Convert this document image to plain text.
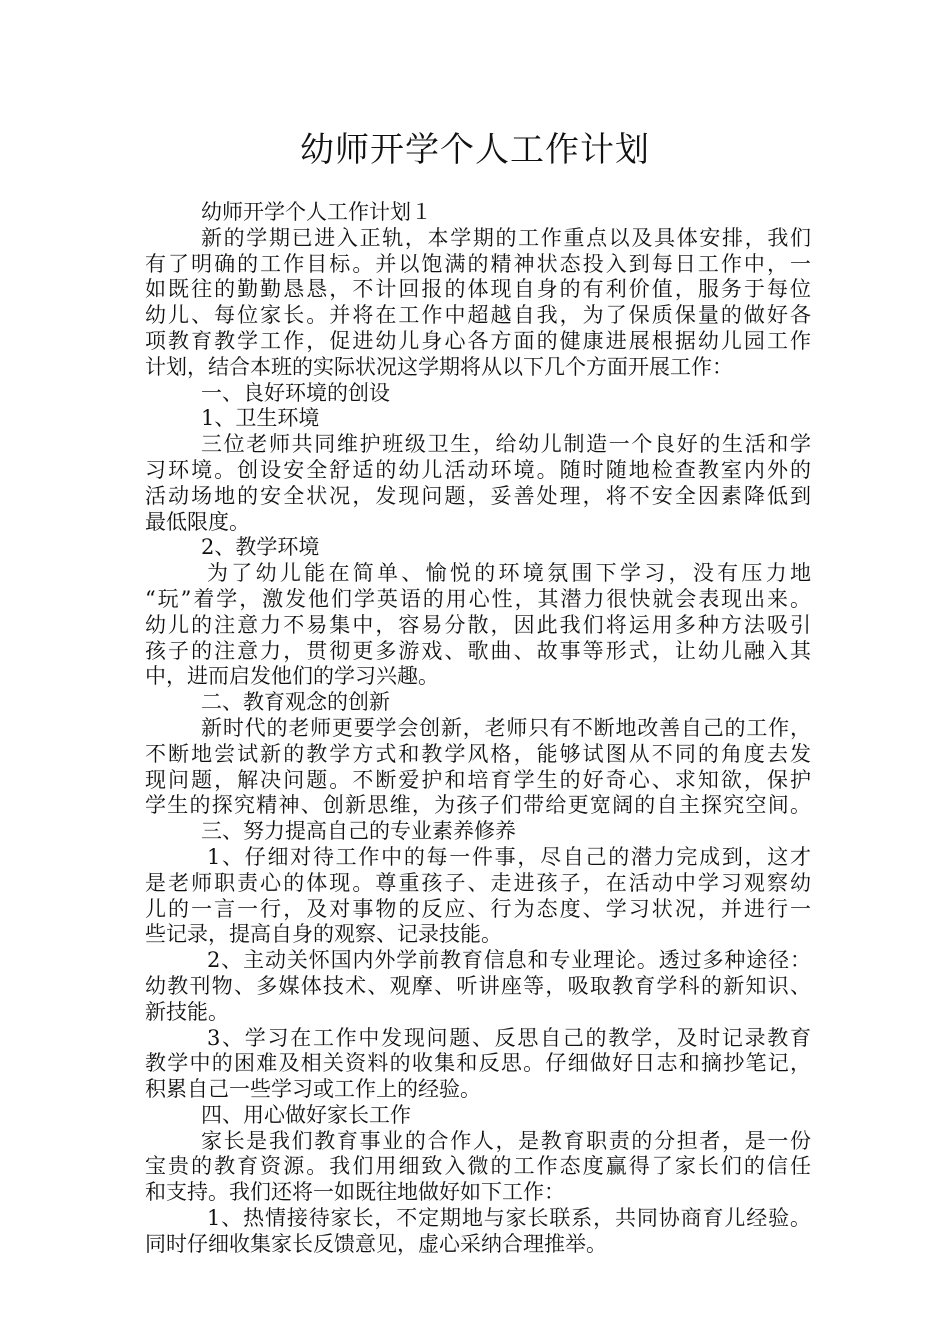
幼师开学个人工作计划
幼师开学个人工作计划１
新的学期已进入正轨，本学期的工作重点以及具体安排，我们
有了明确的工作目标。并以饱满的精神状态投入到每日工作中，一
如既往的勤勤恳恳，不计回报的体现自身的有利价值，服务于每位
幼儿、每位家长。并将在工作中超越自我，为了保质保量的做好各
项教育教学工作，促进幼儿身心各方面的健康进展根据幼儿园工作
计划，结合本班的实际状况这学期将从以下几个方面开展工作：
一、良好环境的创设
1、卫生环境
三位老师共同维护班级卫生，给幼儿制造一个良好的生活和学
习环境。创设安全舒适的幼儿活动环境。随时随地检查教室内外的
活动场地的安全状况，发现问题，妥善处理，将不安全因素降低到
最低限度。
2、教学环境
为了幼儿能在简单、愉悦的环境氛围下学习，没有压力地
“玩”着学，激发他们学英语的用心性，其潜力很快就会表现出来。
幼儿的注意力不易集中，容易分散，因此我们将运用多种方法吸引
孩子的注意力，贯彻更多游戏、歌曲、故事等形式，让幼儿融入其
中，进而启发他们的学习兴趣。
二、教育观念的创新
新时代的老师更要学会创新，老师只有不断地改善自己的工作，
不断地尝试新的教学方式和教学风格，能够试图从不同的角度去发
现问题，解决问题。不断爱护和培育学生的好奇心、求知欲，保护
学生的探究精神、创新思维，为孩子们带给更宽阔的自主探究空间。
三、努力提高自己的专业素养修养
1、仔细对待工作中的每一件事，尽自己的潜力完成到，这才
是老师职责心的体现。尊重孩子、走进孩子，在活动中学习观察幼
儿的一言一行，及对事物的反应、行为态度、学习状况，并进行一
些记录，提高自身的观察、记录技能。
2、主动关怀国内外学前教育信息和专业理论。透过多种途径：
幼教刊物、多媒体技术、观摩、听讲座等，吸取教育学科的新知识、
新技能。
3、学习在工作中发现问题、反思自己的教学，及时记录教育
教学中的困难及相关资料的收集和反思。仔细做好日志和摘抄笔记，
积累自己一些学习或工作上的经验。
四、用心做好家长工作
家长是我们教育事业的合作人，是教育职责的分担者，是一份
宝贵的教育资源。我们用细致入微的工作态度赢得了家长们的信任
和支持。我们还将一如既往地做好如下工作：
1、热情接待家长，不定期地与家长联系，共同协商育儿经验。
同时仔细收集家长反馈意见，虚心采纳合理推举。
